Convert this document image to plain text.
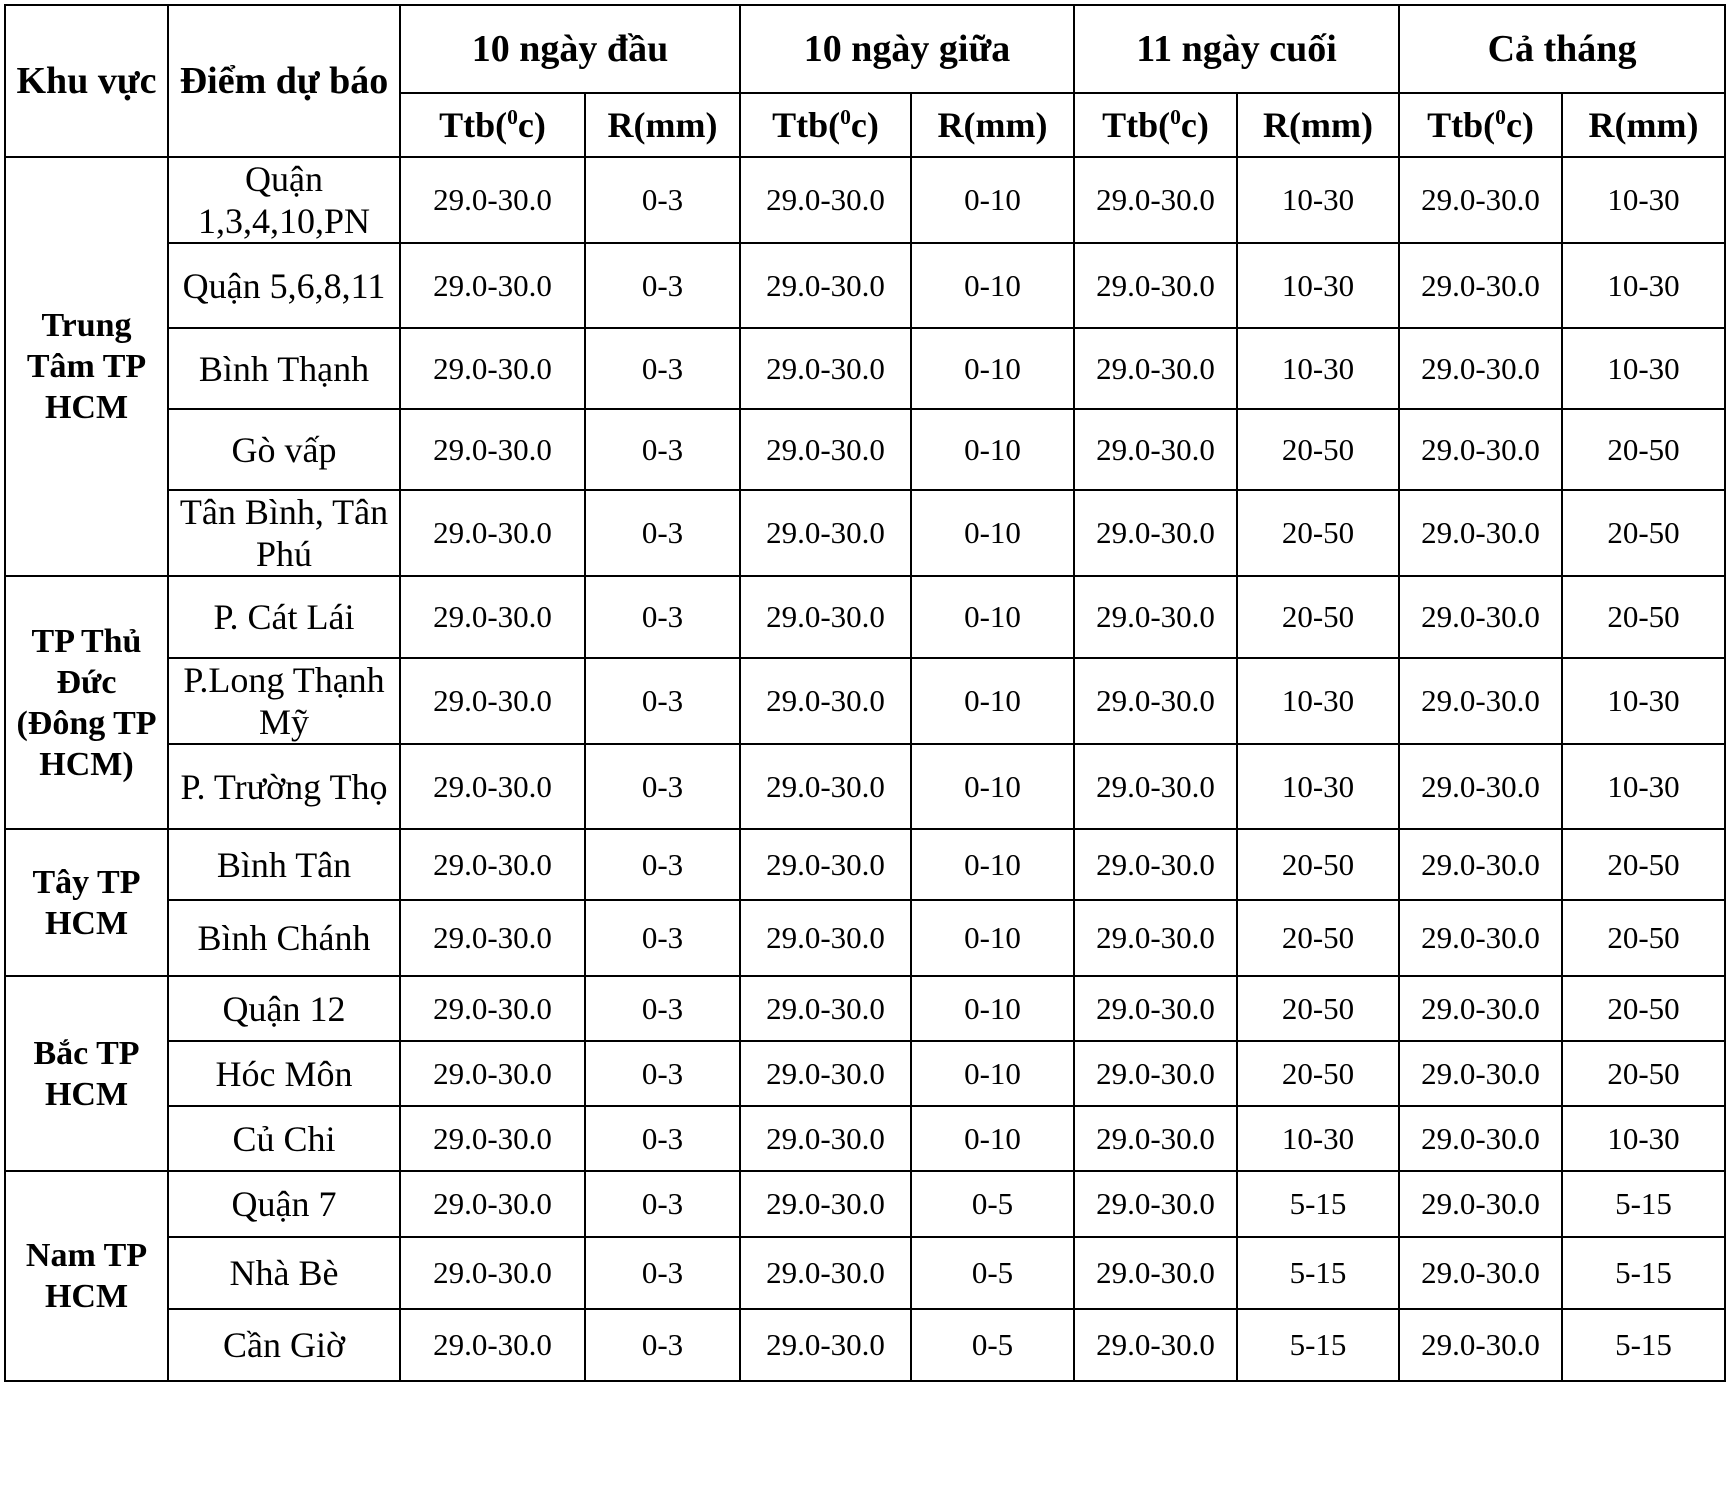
Khu vực	Điểm dự báo	10 ngày đầu		10 ngày giữa		11 ngày cuối		Cả tháng	
		Ttb($^0$c)	R(mm)	Ttb($^0$c)	R(mm)	Ttb($^0$c)	R(mm)	Ttb($^0$c)	R(mm)
Trung Tâm TP HCM	Quận 1,3,4,10,PN	29.0-30.0	0-3	29.0-30.0	0-10	29.0-30.0	10-30	29.0-30.0	10-30
	Quận 5,6,8,11	29.0-30.0	0-3	29.0-30.0	0-10	29.0-30.0	10-30	29.0-30.0	10-30
	Bình Thạnh	29.0-30.0	0-3	29.0-30.0	0-10	29.0-30.0	10-30	29.0-30.0	10-30
	Gò vấp	29.0-30.0	0-3	29.0-30.0	0-10	29.0-30.0	20-50	29.0-30.0	20-50
	Tân Bình, Tân Phú	29.0-30.0	0-3	29.0-30.0	0-10	29.0-30.0	20-50	29.0-30.0	20-50
TP Thủ Đức (Đông TP HCM)	P. Cát Lái	29.0-30.0	0-3	29.0-30.0	0-10	29.0-30.0	20-50	29.0-30.0	20-50
	P.Long Thạnh Mỹ	29.0-30.0	0-3	29.0-30.0	0-10	29.0-30.0	10-30	29.0-30.0	10-30
	P. Trường Thọ	29.0-30.0	0-3	29.0-30.0	0-10	29.0-30.0	10-30	29.0-30.0	10-30
Tây TP HCM	Bình Tân	29.0-30.0	0-3	29.0-30.0	0-10	29.0-30.0	20-50	29.0-30.0	20-50
	Bình Chánh	29.0-30.0	0-3	29.0-30.0	0-10	29.0-30.0	20-50	29.0-30.0	20-50
Bắc TP HCM	Quận 12	29.0-30.0	0-3	29.0-30.0	0-10	29.0-30.0	20-50	29.0-30.0	20-50
	Hóc Môn	29.0-30.0	0-3	29.0-30.0	0-10	29.0-30.0	20-50	29.0-30.0	20-50
	Củ Chi	29.0-30.0	0-3	29.0-30.0	0-10	29.0-30.0	10-30	29.0-30.0	10-30
Nam TP HCM	Quận 7	29.0-30.0	0-3	29.0-30.0	0-5	29.0-30.0	5-15	29.0-30.0	5-15
	Nhà Bè	29.0-30.0	0-3	29.0-30.0	0-5	29.0-30.0	5-15	29.0-30.0	5-15
	Cần Giờ	29.0-30.0	0-3	29.0-30.0	0-5	29.0-30.0	5-15	29.0-30.0	5-15
